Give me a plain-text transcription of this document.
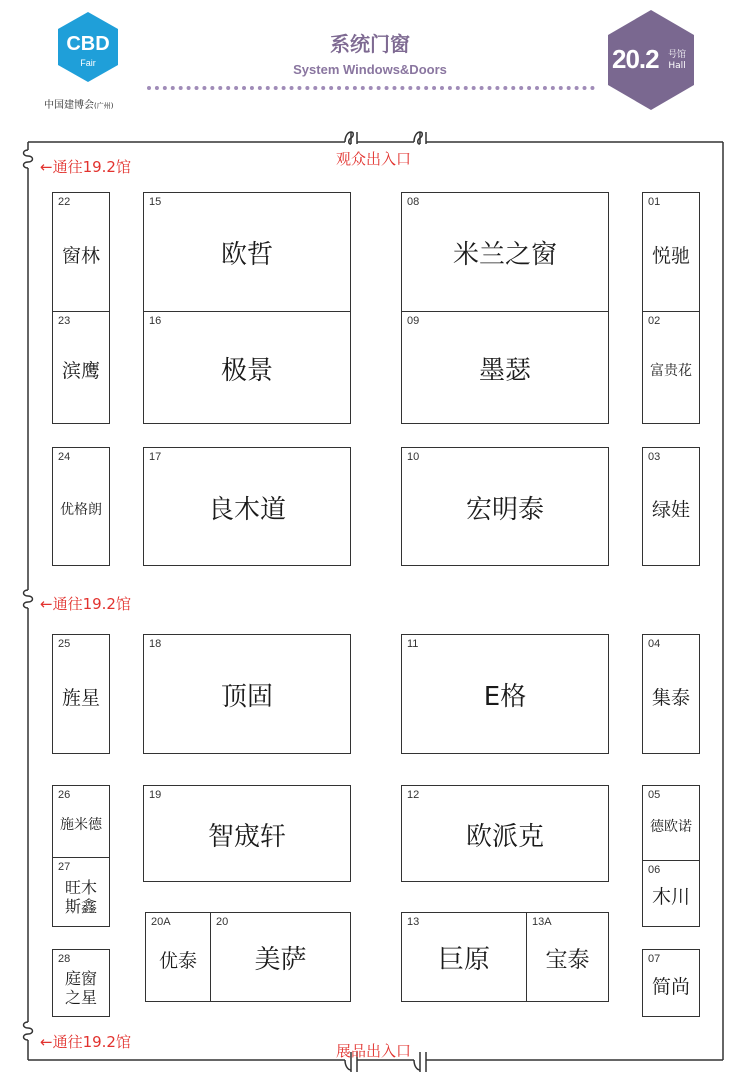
CBD
Fair
中国建博会(广州)
系统门窗
System Windows&Doors	20.2 号馆
Hall
观众出入口
展品出入口
←通往19.2馆
←通往19.2馆
←通往19.2馆
22
窗林
23
滨鹰
24
优格朗
25
旌星
26
施米德
27
旺木斯鑫
28
庭窗之星
15
欧哲
16
极景
17
良木道
18
顶固
19
智宬轩
20A
优泰
20
美萨
08
米兰之窗
09
墨瑟
10
宏明泰
11
E格
12
欧派克
13
巨原
13A
宝泰
01
悦驰
02
富贵花
03
绿娃
04
集泰
05
德欧诺
06
木川
07
简尚
